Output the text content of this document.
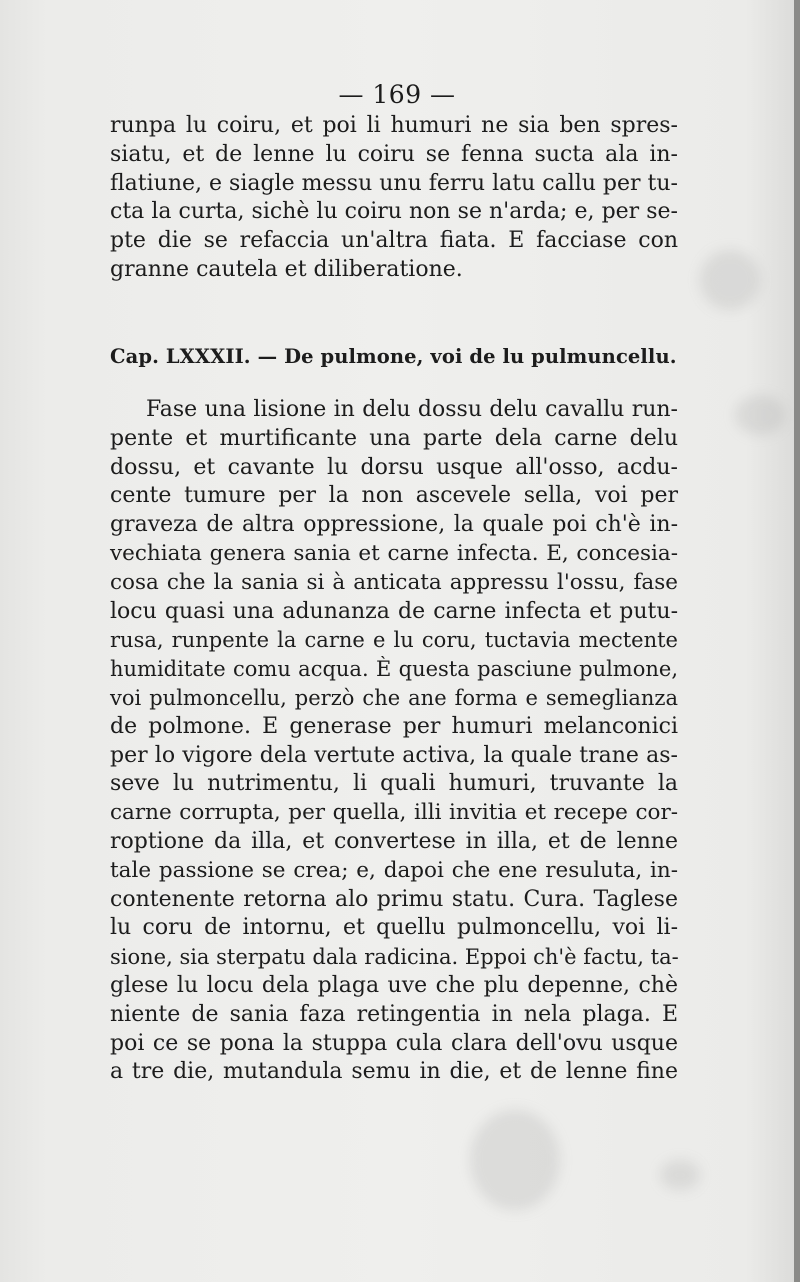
— 169 —
runpa lu coiru, et poi li humuri ne sia ben spres-
siatu, et de lenne lu coiru se fenna sucta ala in-
flatiune, e siagle messu unu ferru latu callu per tu-
cta la curta, sichè lu coiru non se n'arda; e, per se-
pte die se refaccia un'altra fiata. E facciase con
granne cautela et diliberatione.
Cap. LXXXII. — De pulmone, voi de lu pulmuncellu.
Fase una lisione in delu dossu delu cavallu run-
pente et murtificante una parte dela carne delu
dossu, et cavante lu dorsu usque all'osso, acdu-
cente tumure per la non ascevele sella, voi per
graveza de altra oppressione, la quale poi ch'è in-
vechiata genera sania et carne infecta. E, concesia-
cosa che la sania si à anticata appressu l'ossu, fase
locu quasi una adunanza de carne infecta et putu-
rusa, runpente la carne e lu coru, tuctavia mectente
humiditate comu acqua. È questa pasciune pulmone,
voi pulmoncellu, perzò che ane forma e semeglianza
de polmone. E generase per humuri melanconici
per lo vigore dela vertute activa, la quale trane as-
seve lu nutrimentu, li quali humuri, truvante la
carne corrupta, per quella, illi invitia et recepe cor-
roptione da illa, et convertese in illa, et de lenne
tale passione se crea; e, dapoi che ene resuluta, in-
contenente retorna alo primu statu. Cura. Taglese
lu coru de intornu, et quellu pulmoncellu, voi li-
sione, sia sterpatu dala radicina. Eppoi ch'è factu, ta-
glese lu locu dela plaga uve che plu depenne, chè
niente de sania faza retingentia in nela plaga. E
poi ce se pona la stuppa cula clara dell'ovu usque
a tre die, mutandula semu in die, et de lenne fine
